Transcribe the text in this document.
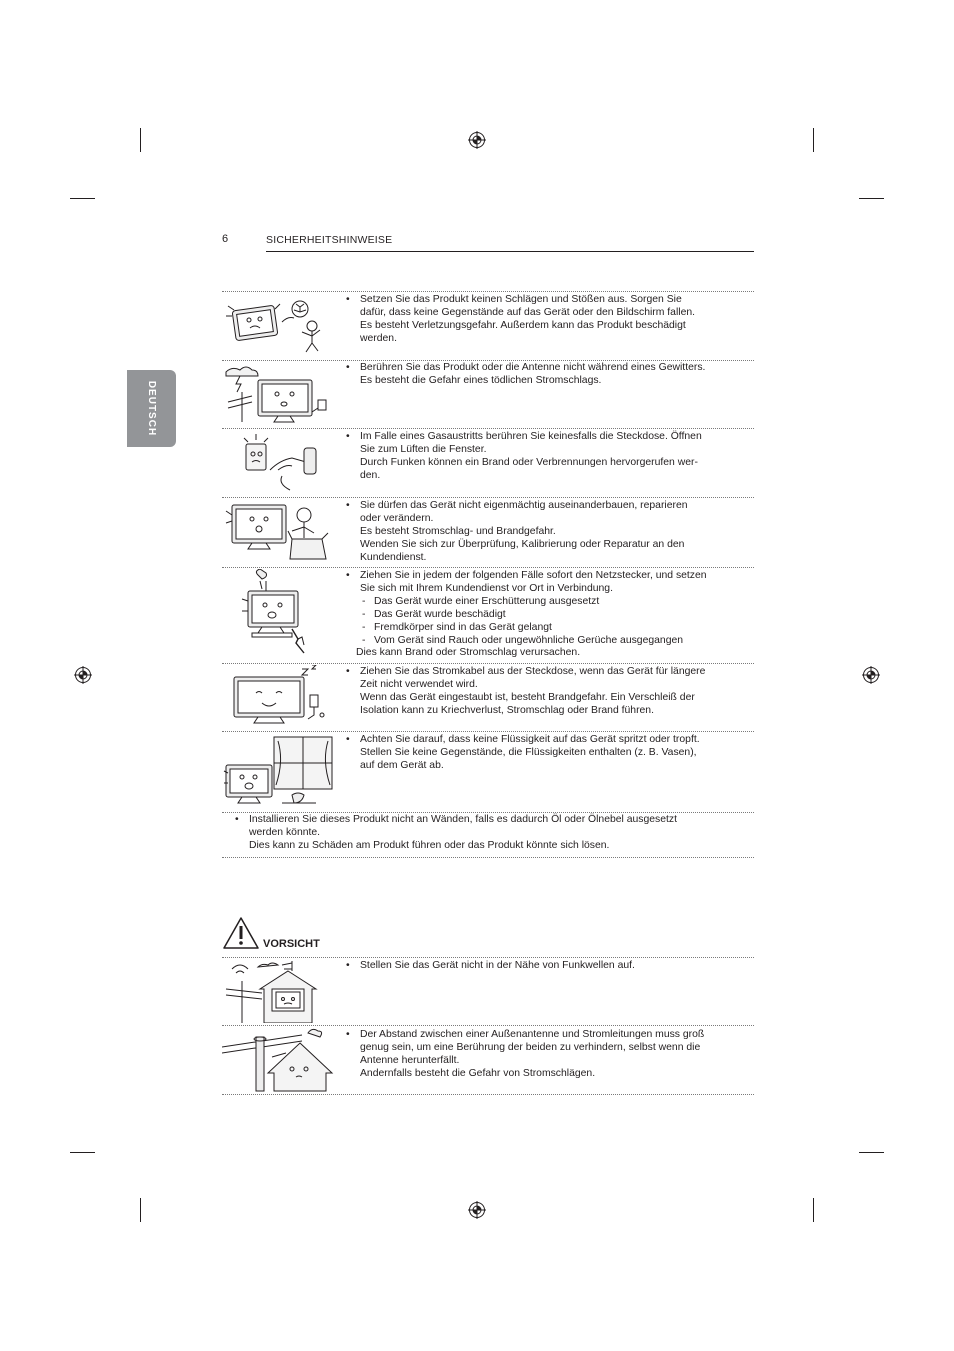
6	SICHERHEITSHINWEISE
DEUTSCH
• Setzen Sie das Produkt keinen Schlägen und Stößen aus. Sorgen Sie
dafür, dass keine Gegenstände auf das Gerät oder den Bildschirm fallen.
Es besteht Verletzungsgefahr. Außerdem kann das Produkt beschädigt
werden.
• Berühren Sie das Produkt oder die Antenne nicht während eines Gewitters.
Es besteht die Gefahr eines tödlichen Stromschlags.
• Im Falle eines Gasaustritts berühren Sie keinesfalls die Steckdose. Öffnen
Sie zum Lüften die Fenster.
Durch Funken können ein Brand oder Verbrennungen hervorgerufen wer-
den.
• Sie dürfen das Gerät nicht eigenmächtig auseinanderbauen, reparieren
oder verändern.
Es besteht Stromschlag- und Brandgefahr.
Wenden Sie sich zur Überprüfung, Kalibrierung oder Reparatur an den
Kundendienst.
• Ziehen Sie in jedem der folgenden Fälle sofort den Netzstecker, und setzen
Sie sich mit Ihrem Kundendienst vor Ort in Verbindung.
- Das Gerät wurde einer Erschütterung ausgesetzt
- Das Gerät wurde beschädigt
- Fremdkörper sind in das Gerät gelangt
- Vom Gerät sind Rauch oder ungewöhnliche Gerüche ausgegangen
Dies kann Brand oder Stromschlag verursachen.
• Ziehen Sie das Stromkabel aus der Steckdose, wenn das Gerät für längere
Zeit nicht verwendet wird.
Wenn das Gerät eingestaubt ist, besteht Brandgefahr. Ein Verschleiß der
Isolation kann zu Kriechverlust, Stromschlag oder Brand führen.
• Achten Sie darauf, dass keine Flüssigkeit auf das Gerät spritzt oder tropft.
Stellen Sie keine Gegenstände, die Flüssigkeiten enthalten (z. B. Vasen),
auf dem Gerät ab.
• Installieren Sie dieses Produkt nicht an Wänden, falls es dadurch Öl oder Ölnebel ausgesetzt
werden könnte.
Dies kann zu Schäden am Produkt führen oder das Produkt könnte sich lösen.
VORSICHT
• Stellen Sie das Gerät nicht in der Nähe von Funkwellen auf.
• Der Abstand zwischen einer Außenantenne und Stromleitungen muss groß
genug sein, um eine Berührung der beiden zu verhindern, selbst wenn die
Antenne herunterfällt.
Andernfalls besteht die Gefahr von Stromschlägen.
